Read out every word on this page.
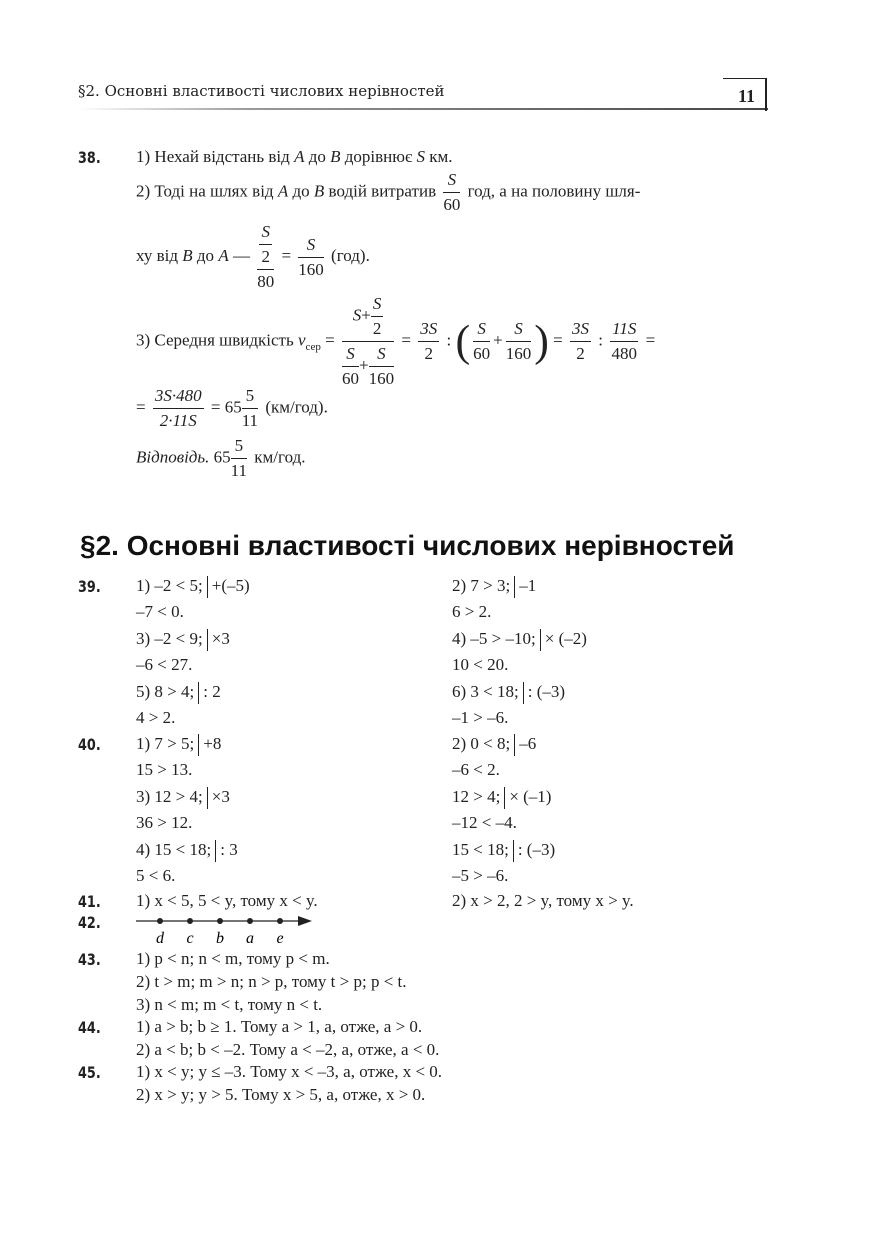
§2. Основні властивості числових нерівностей	11
38. 1) Нехай відстань від A до B дорівнює S км.
2) Тоді на шлях від A до B водій витратив $\frac{S}{60}$ год, а на половину шля-
ху від B до A — $\frac{\frac{S}{2}}{80} = \frac{S}{160} (год)$.
3) Середня швидкість $v_{сер} = \frac{S+ \frac{S}{2}}{\frac{S}{60} + \frac{S}{160}} = \frac{3S}{2}$ : ( $\frac{S}{60} + \frac{S}{160}$ ) = $\frac{3S}{2}$ : $\frac{11S}{480}$ =
= $\frac{3S\cdot 480}{2\cdot 11S} = 65 \frac{5}{11} (км/год)$.
Відповідь. $65 \frac{5}{11} км/год$.
§2. Основні властивості числових нерівностей
39. 1) –2 < 5; +(–5)	2) 7 > 3; –1
–7 < 0.	6 > 2.
3) –2 < 9; ×3	4) –5 > –10; × (–2)
–6 < 27.	10 < 20.
5) 8 > 4; : 2	6) 3 < 18; : (–3)
4 > 2.	–1 > –6.
40. 1) 7 > 5; +8	2) 0 < 8; –6
15 > 13.	–6 < 2.
3) 12 > 4; ×3	12 > 4; × (–1)
36 > 12.	–12 < –4.
4) 15 < 18; : 3	15 < 18; : (–3)
5 < 6.	–5 > –6.
41. 1) x < 5, 5 < y, тому x < y.	2) x > 2, 2 > y, тому x > y.
42.
d c b a e
43. 1) p < n; n < m, тому p < m.
2) t > m; m > n; n > p, тому t > p; p < t.
3) n < m; m < t, тому n < t.
44. 1) a > b; b ≥ 1. Тому a > 1, а, отже, a > 0.
2) a < b; b < –2. Тому a < –2, а, отже, a < 0.
45. 1) x < y; y ≤ –3. Тому x < –3, а, отже, x < 0.
2) x > y; y > 5. Тому x > 5, а, отже, x > 0.
